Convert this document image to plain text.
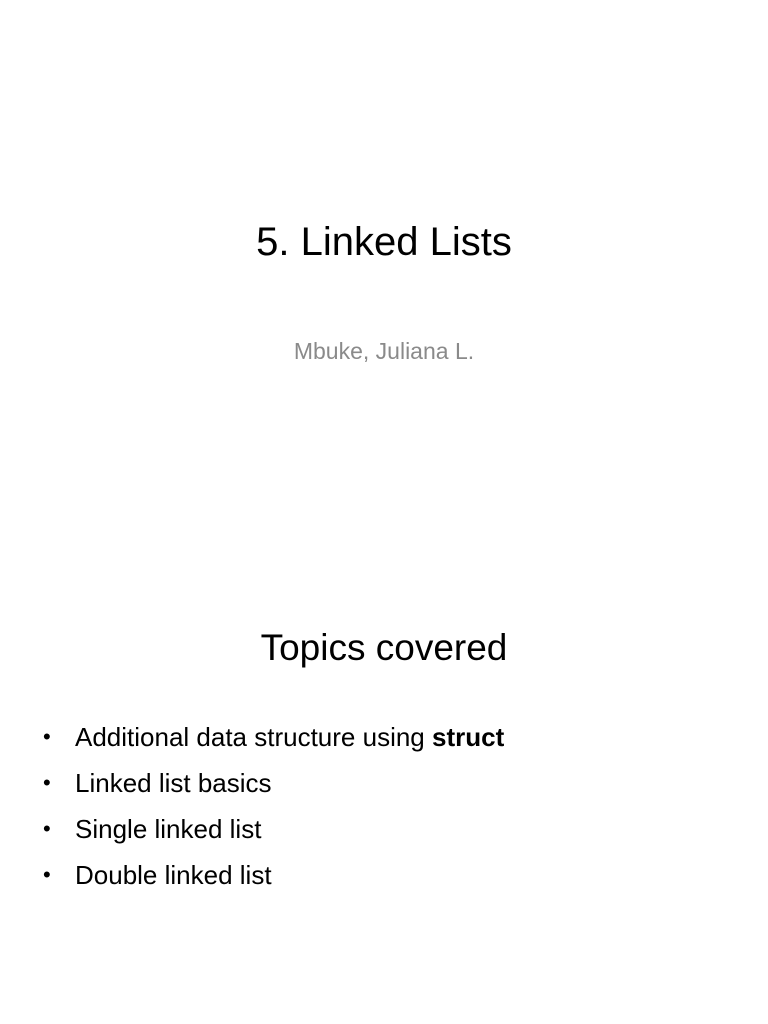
5. Linked Lists

Mbuke, Juliana L.

Topics covered
• Additional data structure using struct
• Linked list basics
• Single linked list
• Double linked list
